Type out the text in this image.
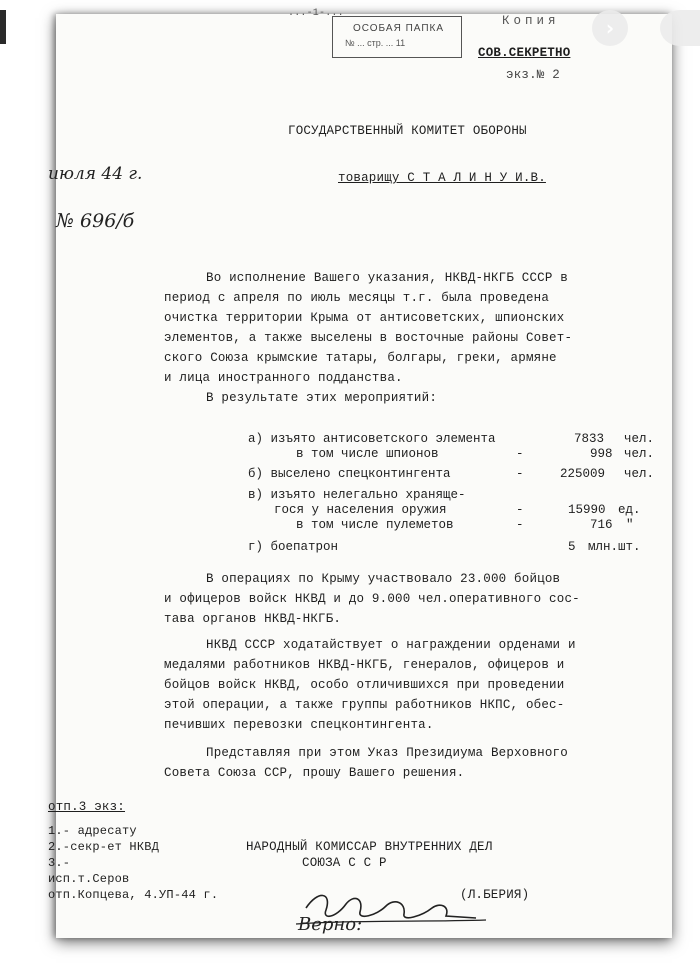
...-1-...
ОСОБАЯ ПАПКА
№ ... стр. ... 11
Копия
СОВ.СЕКРЕТНО
экз.№ 2
июля 44 г.
№ 696/б
ГОСУДАРСТВЕННЫЙ КОМИТЕТ ОБОРОНЫ
товарищу С Т А Л И Н У И.В.
Во исполнение Вашего указания, НКВД-НКГБ СССР в
период с апреля по июль месяцы т.г. была проведена
очистка территории Крыма от антисоветских, шпионских
элементов, а также выселены в восточные районы Совет-
ского Союза крымские татары, болгары, греки, армяне
и лица иностранного подданства.
В результате этих мероприятий:
а) изъято антисоветского элемента	7833 чел.
в том числе шпионов	-	998 чел.
б) выселено спецконтингента	-	225009 чел.
в) изъято нелегально храняще-
гося у населения оружия	-	15990 ед.
в том числе пулеметов	-	716 "
г) боепатрон	5 млн.шт.
В операциях по Крыму участвовало 23.000 бойцов
и офицеров войск НКВД и до 9.000 чел.оперативного сос-
тава органов НКВД-НКГБ.
НКВД СССР ходатайствует о награждении орденами и
медалями работников НКВД-НКГБ, генералов, офицеров и
бойцов войск НКВД, особо отличившихся при проведении
этой операции, а также группы работников НКПС, обес-
печивших перевозки спецконтингента.
Представляя при этом Указ Президиума Верховного
Совета Союза ССР, прошу Вашего решения.
отп.3 экз:
1.- адресату
2.-секр-ет НКВД
3.-
исп.т.Серов
отп.Копцева, 4.УП-44 г.
НАРОДНЫЙ КОМИССАР ВНУТРЕННИХ ДЕЛ
СОЮЗА С С Р
(Л.БЕРИЯ)
Верно:
›
